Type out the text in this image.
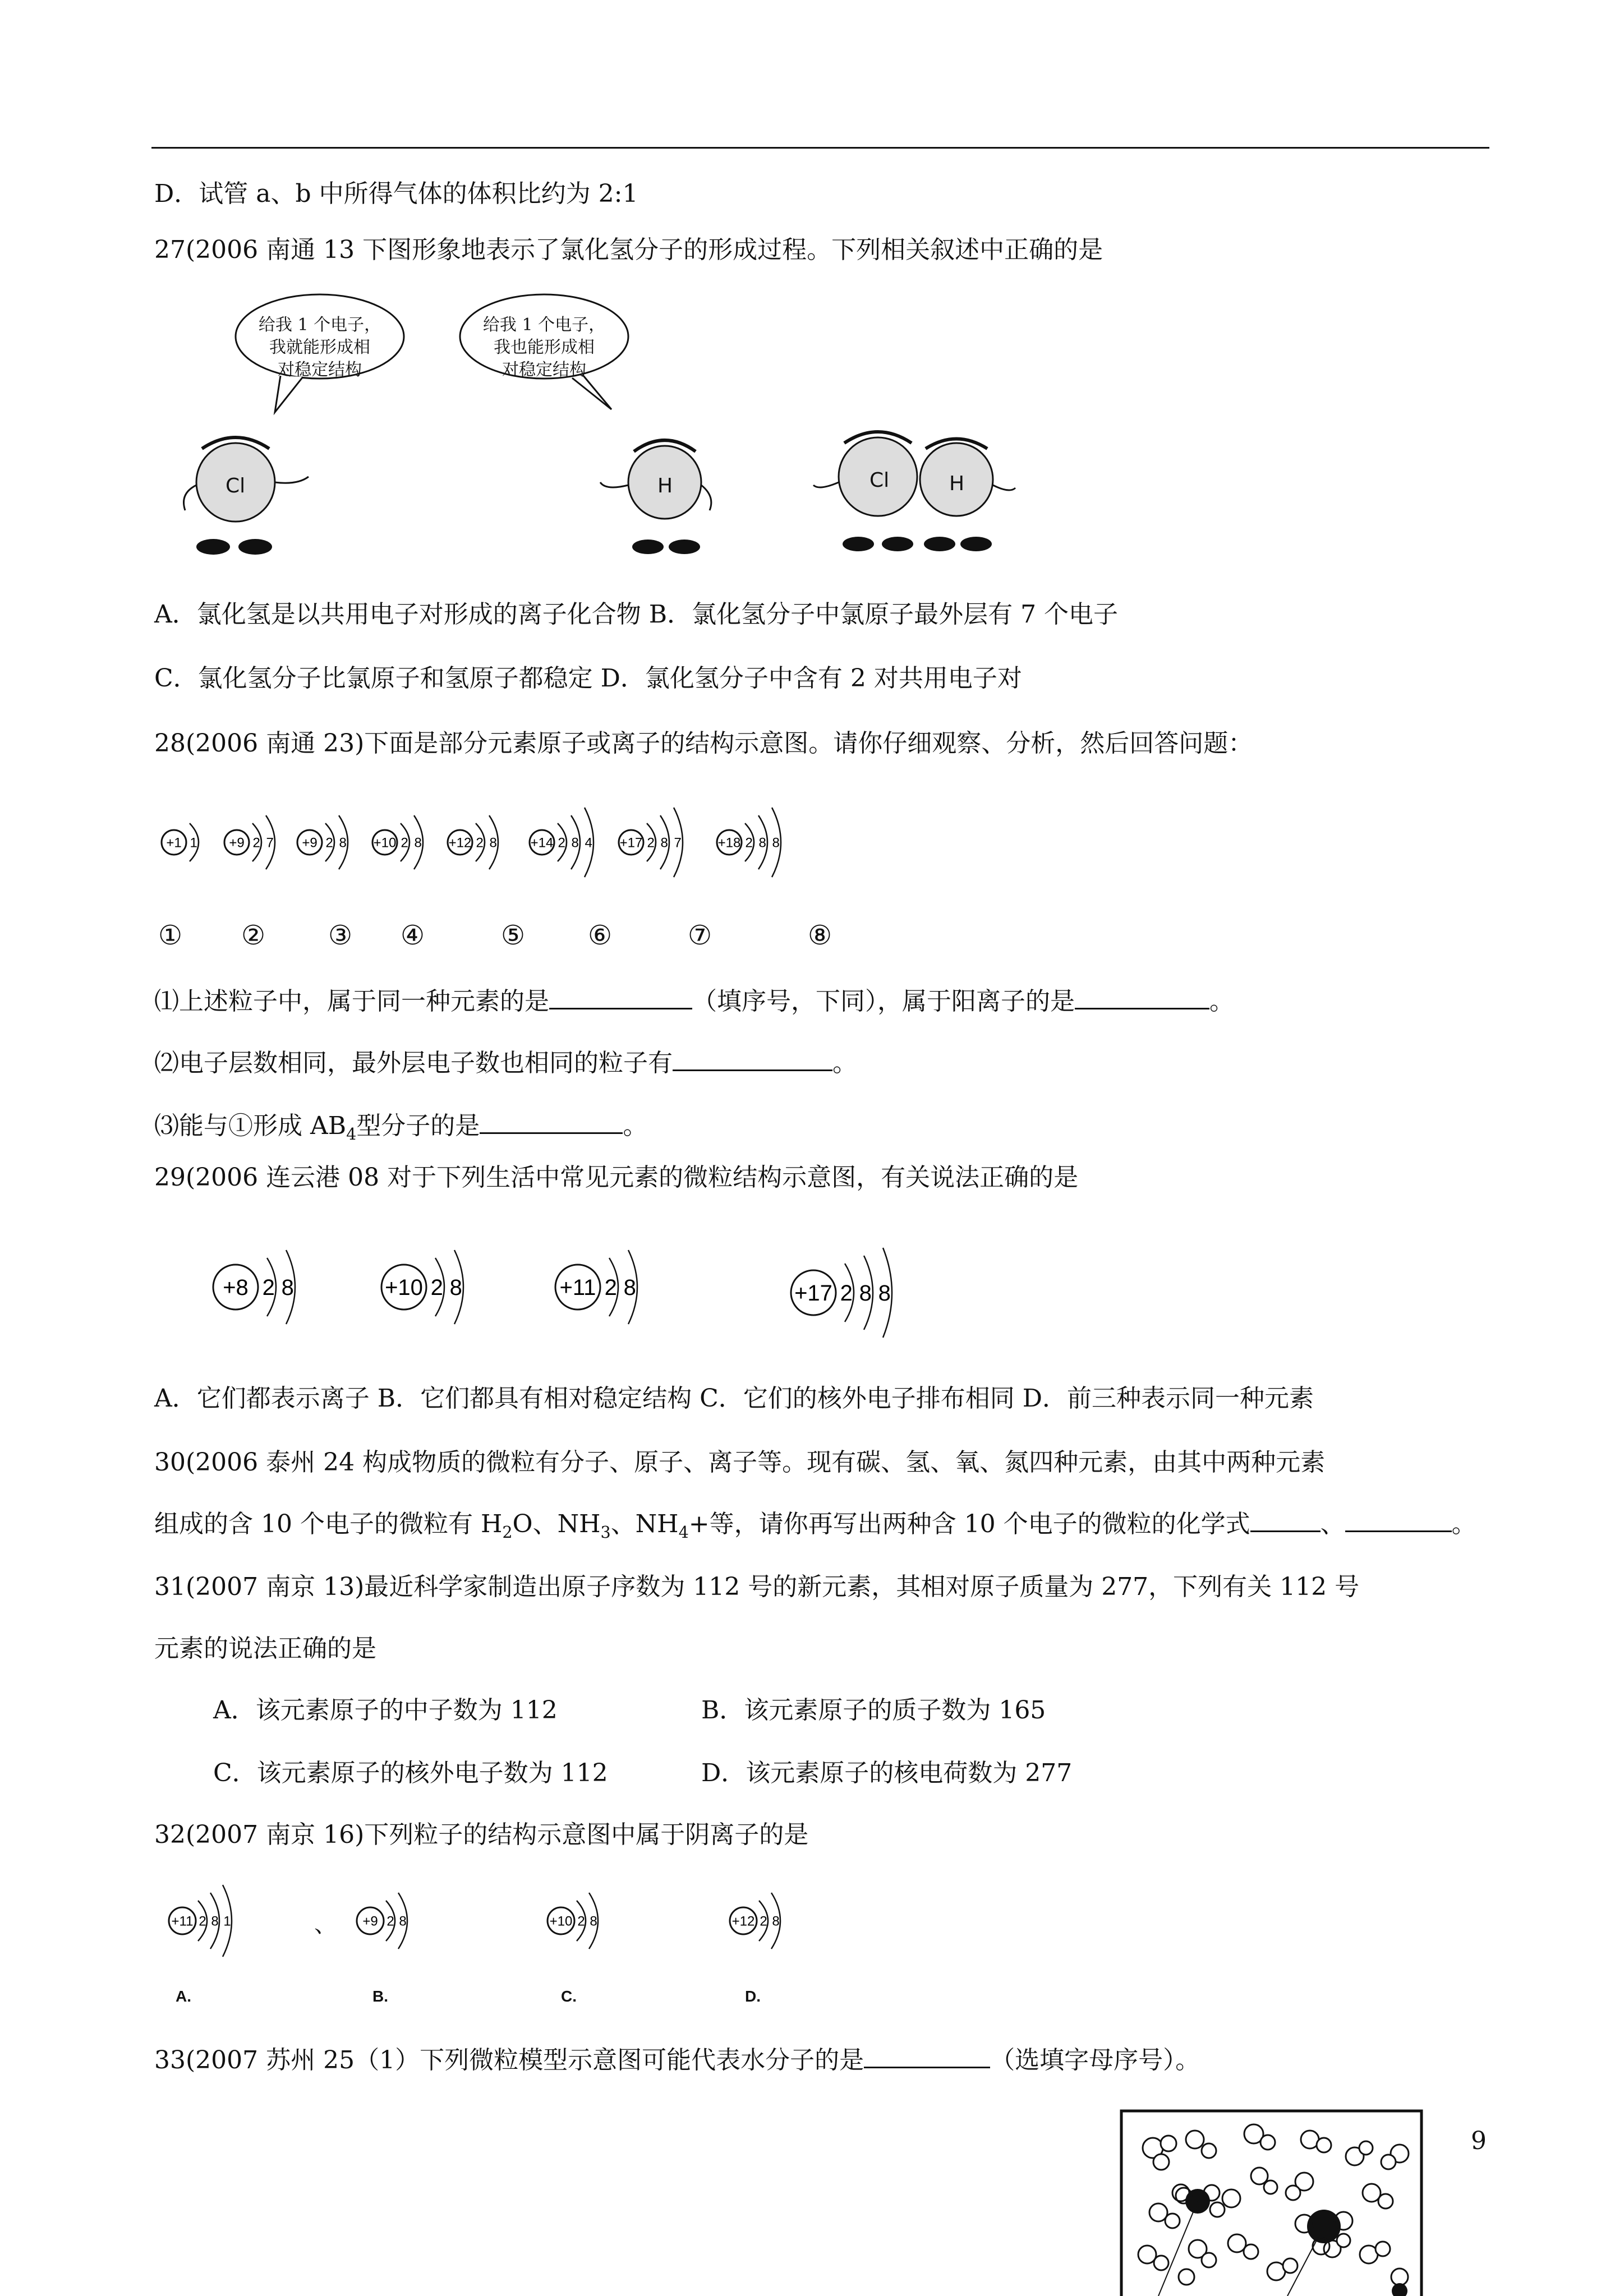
D．试管 a、b 中所得气体的体积比约为 2:1
27(2006 南通 13 下图形象地表示了氯化氢分子的形成过程。下列相关叙述中正确的是
给我 1 个电子，
我就能形成相
对稳定结构
给我 1 个电子，
我也能形成相
对稳定结构
Cl	H	Cl	H
A．氯化氢是以共用电子对形成的离子化合物 B．氯化氢分子中氯原子最外层有 7 个电子
C．氯化氢分子比氯原子和氢原子都稳定 D．氯化氢分子中含有 2 对共用电子对
28(2006 南通 23)下面是部分元素原子或离子的结构示意图。请你仔细观察、分析，然后回答问题：
+1 1 +9 2 7 +9 2 8 +10 2 8 +12 2 8 +14 2 8 4 +17 2 8 7	+18 2 8 8
① ② ③ ④	⑤ ⑥	⑦	⑧
⑴上述粒子中，属于同一种元素的是	（填序号，下同），属于阳离子的是	。
⑵电子层数相同，最外层电子数也相同的粒子有	。
⑶能与①形成 $AB_4$型分子的是	。
29(2006 连云港 08 对于下列生活中常见元素的微粒结构示意图，有关说法正确的是
+8 2 8	+10 2 8	+11 2 8	+17 2 8 8
A．它们都表示离子 B．它们都具有相对稳定结构 C．它们的核外电子排布相同 D．前三种表示同一种元素
30(2006 泰州 24 构成物质的微粒有分子、原子、离子等。现有碳、氢、氧、氮四种元素，由其中两种元素
组成的含 10 个电子的微粒有 $H_2O$、$NH_3$、$NH_4+$等，请你再写出两种含 10 个电子的微粒的化学式	、	。
31(2007 南京 13)最近科学家制造出原子序数为 112 号的新元素，其相对原子质量为 277，下列有关 112 号
元素的说法正确的是
A．该元素原子的中子数为 112	B．该元素原子的质子数为 165
C．该元素原子的核外电子数为 112	D．该元素原子的核电荷数为 277
32(2007 南京 16)下列粒子的结构示意图中属于阴离子的是
+11 2 8 1	+9 2 8	+10 2 8	+12 2 8
、
A.	B.	C.	D.
33(2007 苏州 25（1）下列微粒模型示意图可能代表水分子的是	（选填字母序号）。
9
